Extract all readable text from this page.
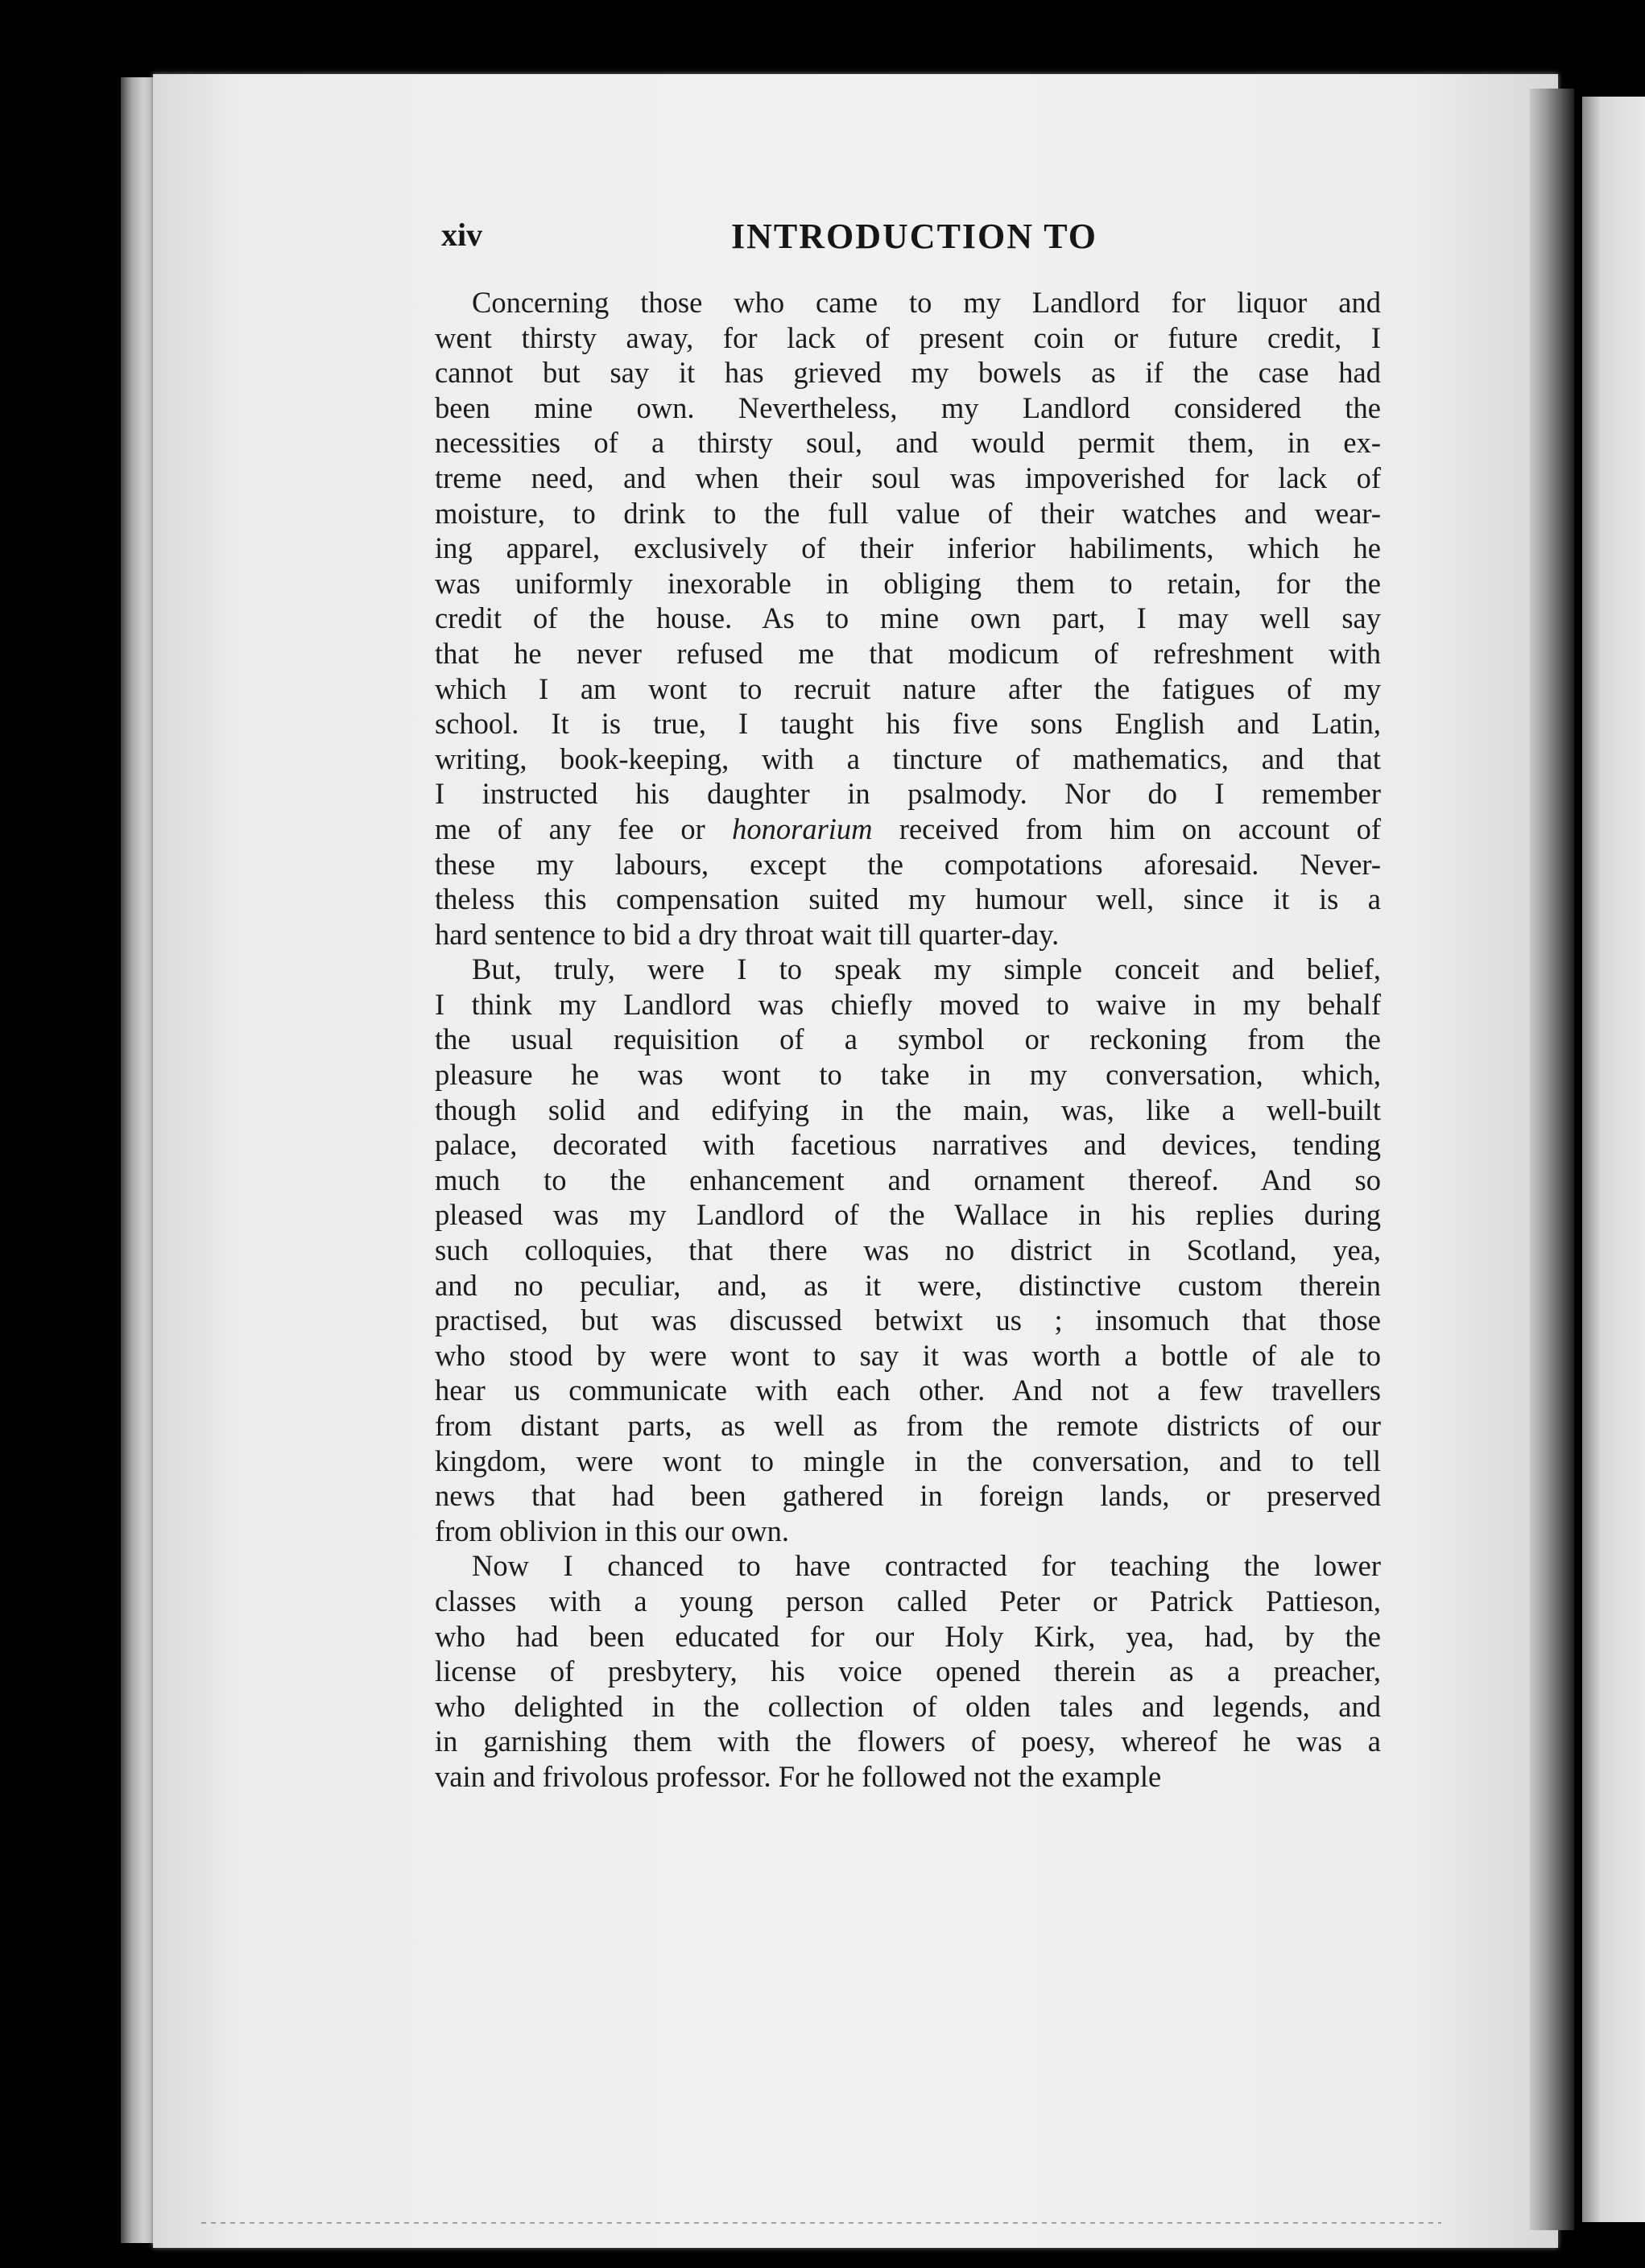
xiv	INTRODUCTION TO
Concerning those who came to my Landlord for liquor and
went thirsty away, for lack of present coin or future credit, I
cannot but say it has grieved my bowels as if the case had
been mine own. Nevertheless, my Landlord considered the
necessities of a thirsty soul, and would permit them, in ex-
treme need, and when their soul was impoverished for lack of
moisture, to drink to the full value of their watches and wear-
ing apparel, exclusively of their inferior habiliments, which he
was uniformly inexorable in obliging them to retain, for the
credit of the house. As to mine own part, I may well say
that he never refused me that modicum of refreshment with
which I am wont to recruit nature after the fatigues of my
school. It is true, I taught his five sons English and Latin,
writing, book-keeping, with a tincture of mathematics, and that
I instructed his daughter in psalmody. Nor do I remember
me of any fee or honorarium received from him on account of
these my labours, except the compotations aforesaid. Never-
theless this compensation suited my humour well, since it is a
hard sentence to bid a dry throat wait till quarter-day.
But, truly, were I to speak my simple conceit and belief,
I think my Landlord was chiefly moved to waive in my behalf
the usual requisition of a symbol or reckoning from the
pleasure he was wont to take in my conversation, which,
though solid and edifying in the main, was, like a well-built
palace, decorated with facetious narratives and devices, tending
much to the enhancement and ornament thereof. And so
pleased was my Landlord of the Wallace in his replies during
such colloquies, that there was no district in Scotland, yea,
and no peculiar, and, as it were, distinctive custom therein
practised, but was discussed betwixt us ; insomuch that those
who stood by were wont to say it was worth a bottle of ale to
hear us communicate with each other. And not a few travellers
from distant parts, as well as from the remote districts of our
kingdom, were wont to mingle in the conversation, and to tell
news that had been gathered in foreign lands, or preserved
from oblivion in this our own.
Now I chanced to have contracted for teaching the lower
classes with a young person called Peter or Patrick Pattieson,
who had been educated for our Holy Kirk, yea, had, by the
license of presbytery, his voice opened therein as a preacher,
who delighted in the collection of olden tales and legends, and
in garnishing them with the flowers of poesy, whereof he was a
vain and frivolous professor. For he followed not the example
